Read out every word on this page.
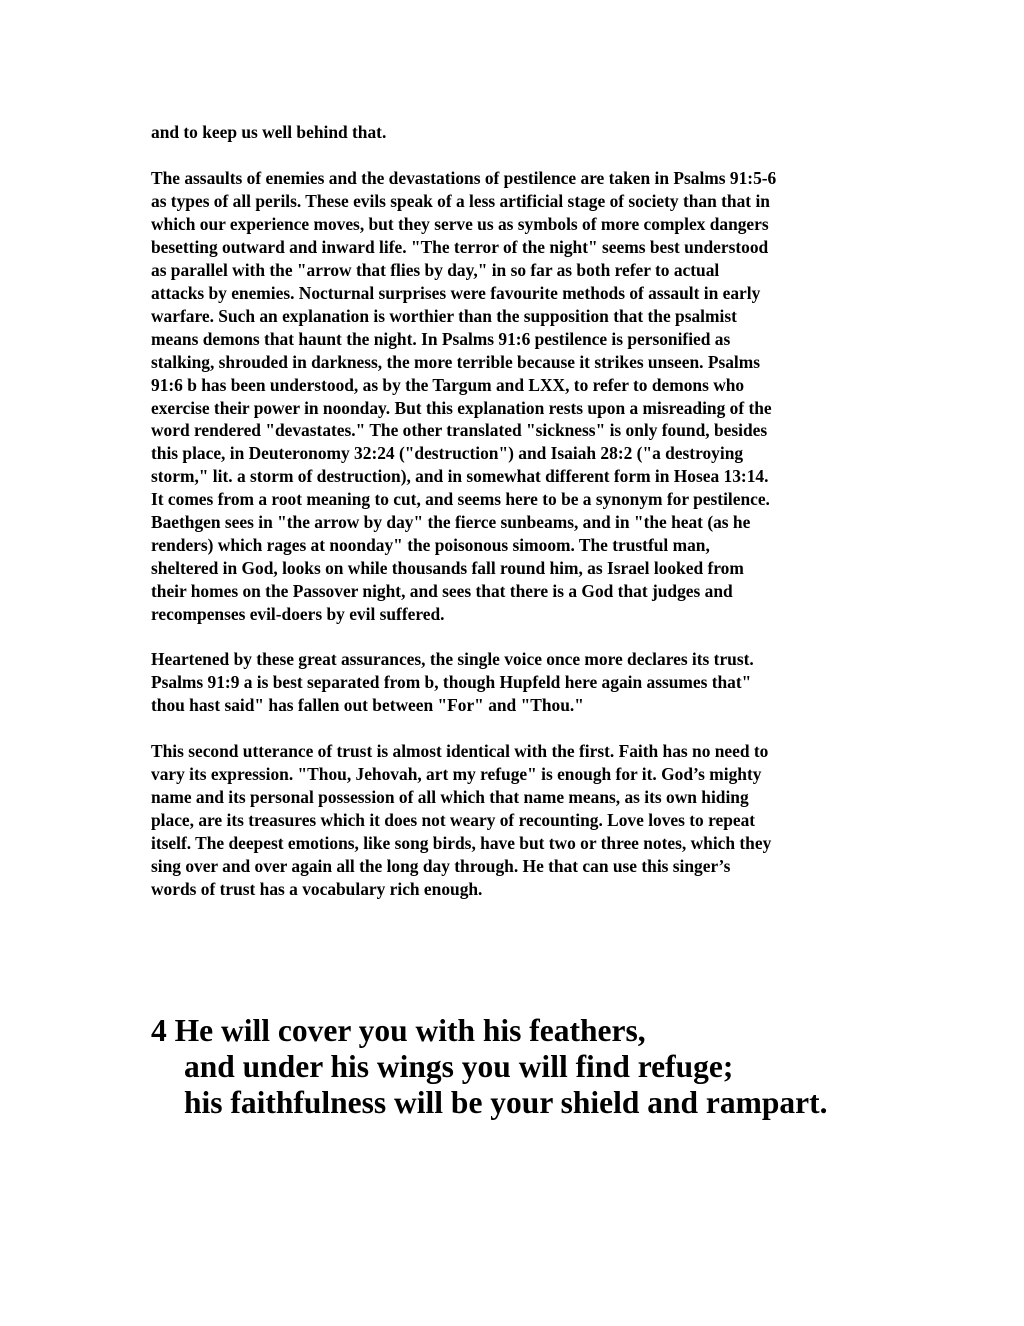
and to keep us well behind that.

The assaults of enemies and the devastations of pestilence are taken in Psalms 91:5-6
as types of all perils. These evils speak of a less artificial stage of society than that in
which our experience moves, but they serve us as symbols of more complex dangers
besetting outward and inward life. "The terror of the night" seems best understood
as parallel with the "arrow that flies by day," in so far as both refer to actual
attacks by enemies. Nocturnal surprises were favourite methods of assault in early
warfare. Such an explanation is worthier than the supposition that the psalmist
means demons that haunt the night. In Psalms 91:6 pestilence is personified as
stalking, shrouded in darkness, the more terrible because it strikes unseen. Psalms
91:6 b has been understood, as by the Targum and LXX, to refer to demons who
exercise their power in noonday. But this explanation rests upon a misreading of the
word rendered "devastates." The other translated "sickness" is only found, besides
this place, in Deuteronomy 32:24 ("destruction") and Isaiah 28:2 ("a destroying
storm," lit. a storm of destruction), and in somewhat different form in Hosea 13:14.
It comes from a root meaning to cut, and seems here to be a synonym for pestilence.
Baethgen sees in "the arrow by day" the fierce sunbeams, and in "the heat (as he
renders) which rages at noonday" the poisonous simoom. The trustful man,
sheltered in God, looks on while thousands fall round him, as Israel looked from
their homes on the Passover night, and sees that there is a God that judges and
recompenses evil-doers by evil suffered.

Heartened by these great assurances, the single voice once more declares its trust.
Psalms 91:9 a is best separated from b, though Hupfeld here again assumes that"
thou hast said" has fallen out between "For" and "Thou."

This second utterance of trust is almost identical with the first. Faith has no need to
vary its expression. "Thou, Jehovah, art my refuge" is enough for it. God’s mighty
name and its personal possession of all which that name means, as its own hiding
place, are its treasures which it does not weary of recounting. Love loves to repeat
itself. The deepest emotions, like song birds, have but two or three notes, which they
sing over and over again all the long day through. He that can use this singer’s
words of trust has a vocabulary rich enough.

4 He will cover you with his feathers,
and under his wings you will find refuge;
his faithfulness will be your shield and rampart.
